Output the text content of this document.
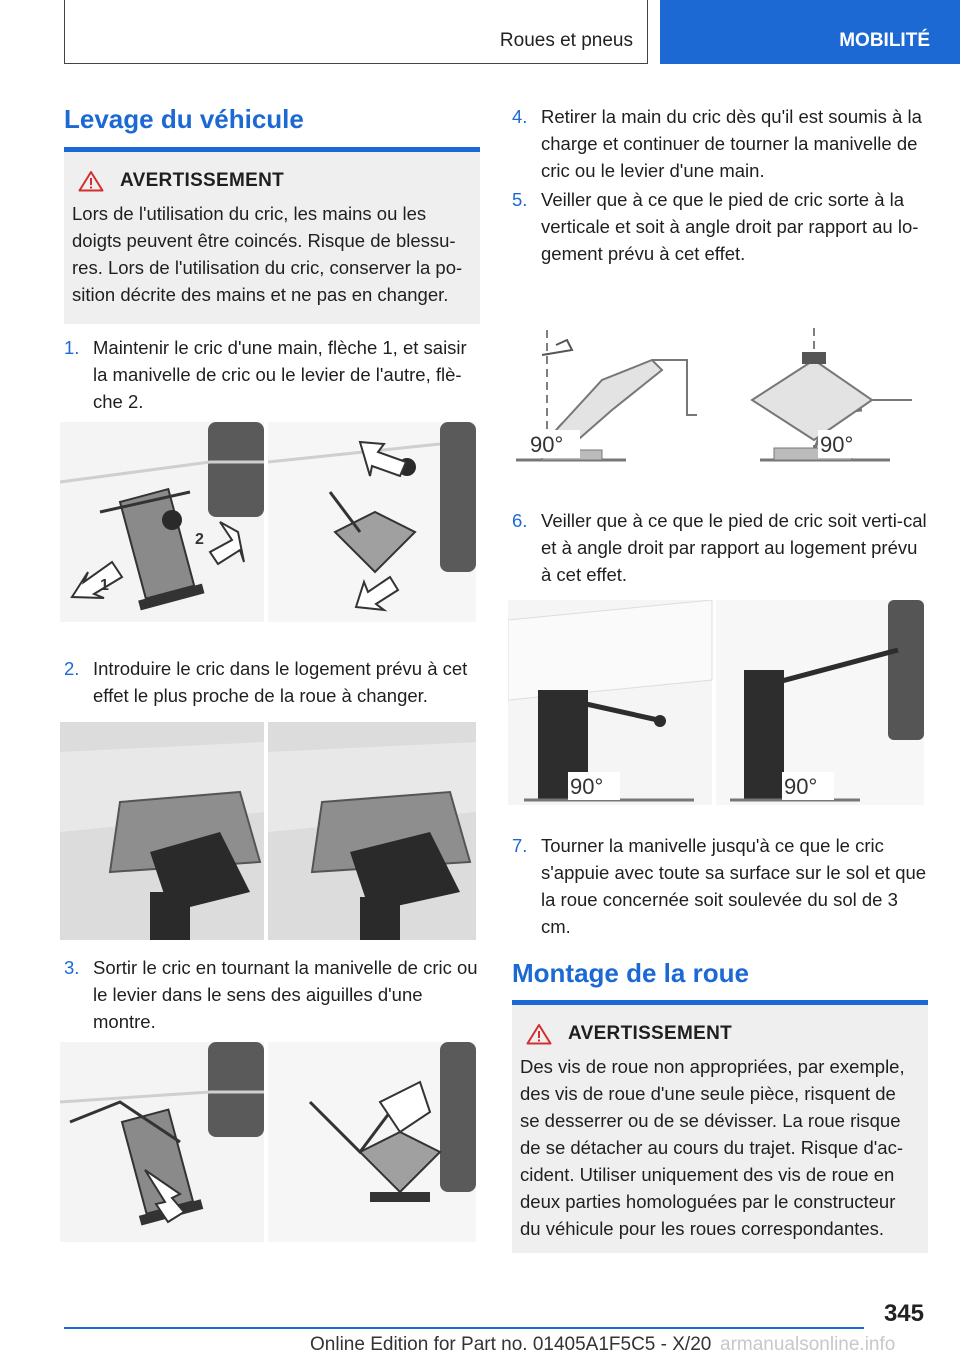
Roues et pneus	MOBILITÉ
Levage du véhicule
AVERTISSEMENT
Lors de l'utilisation du cric, les mains ou les doigts peuvent être coincés. Risque de blessu-res. Lors de l'utilisation du cric, conserver la po-sition décrite des mains et ne pas en changer.
1. Maintenir le cric d'une main, flèche 1, et saisir la manivelle de cric ou le levier de l'autre, flè-che 2.
1
2
2. Introduire le cric dans le logement prévu à cet effet le plus proche de la roue à changer.
3. Sortir le cric en tournant la manivelle de cric ou le levier dans le sens des aiguilles d'une montre.
4. Retirer la main du cric dès qu'il est soumis à la charge et continuer de tourner la manivelle de cric ou le levier d'une main.
5. Veiller que à ce que le pied de cric sorte à la verticale et soit à angle droit par rapport au lo-gement prévu à cet effet.
90°	90°
6. Veiller que à ce que le pied de cric soit verti-cal et à angle droit par rapport au logement prévu à cet effet.
90°	90°
7. Tourner la manivelle jusqu'à ce que le cric s'appuie avec toute sa surface sur le sol et que la roue concernée soit soulevée du sol de 3 cm.
Montage de la roue
AVERTISSEMENT
Des vis de roue non appropriées, par exemple, des vis de roue d'une seule pièce, risquent de se desserrer ou de se dévisser. La roue risque de se détacher au cours du trajet. Risque d'ac-cident. Utiliser uniquement des vis de roue en deux parties homologuées par le constructeur du véhicule pour les roues correspondantes.
345
Online Edition for Part no. 01405A1F5C5 - X/20 armanualsonline.info
